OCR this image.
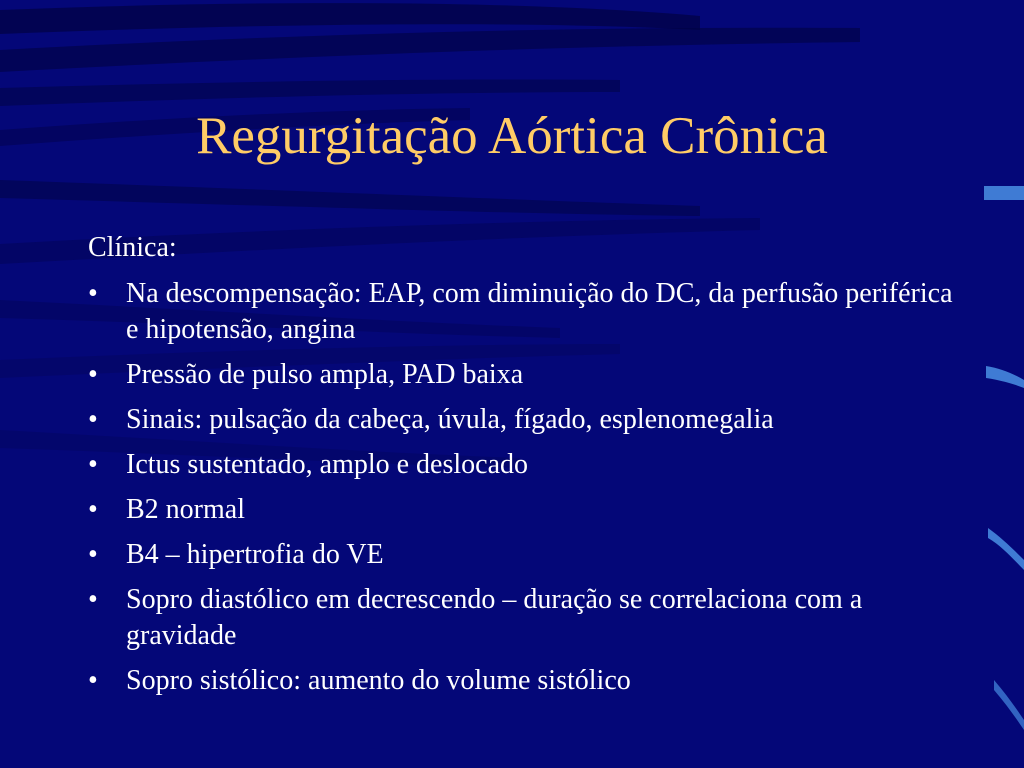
Regurgitação Aórtica Crônica
Clínica:
•	Na descompensação: EAP, com diminuição do DC, da perfusão periférica e hipotensão, angina
•	Pressão de pulso ampla, PAD baixa
•	Sinais: pulsação da cabeça, úvula, fígado, esplenomegalia
•	Ictus sustentado, amplo e deslocado
•	B2 normal
•	B4 – hipertrofia do VE
•	Sopro diastólico em decrescendo – duração se correlaciona com a gravidade
•	Sopro sistólico: aumento do volume sistólico
